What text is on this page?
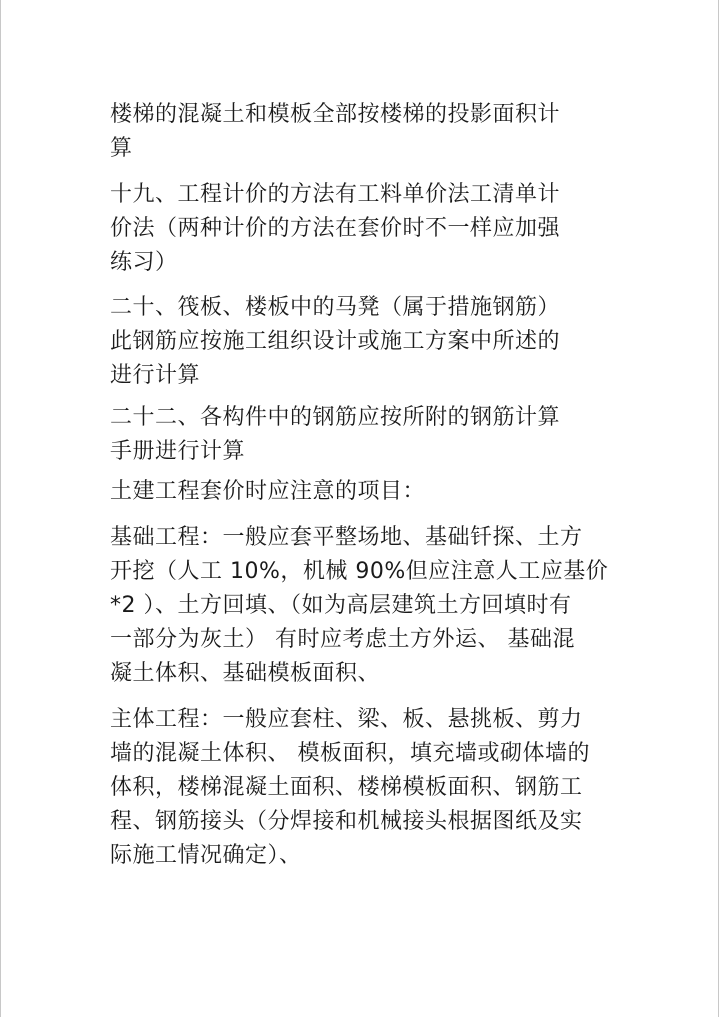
楼梯的混凝土和模板全部按楼梯的投影面积计
算

十九、工程计价的方法有工料单价法工清单计
价法（两种计价的方法在套价时不一样应加强
练习）

二十、筏板、楼板中的马凳（属于措施钢筋）
此钢筋应按施工组织设计或施工方案中所述的
进行计算

二十二、各构件中的钢筋应按所附的钢筋计算
手册进行计算

土建工程套价时应注意的项目：

基础工程：一般应套平整场地、基础钎探、土方
开挖（人工 10%，机械 90%但应注意人工应基价
*2 ）、土方回填、（如为高层建筑土方回填时有
一部分为灰土） 有时应考虑土方外运、 基础混
凝土体积、基础模板面积、

主体工程：一般应套柱、梁、板、悬挑板、剪力
墙的混凝土体积、 模板面积，填充墙或砌体墙的
体积，楼梯混凝土面积、楼梯模板面积、钢筋工
程、钢筋接头（分焊接和机械接头根据图纸及实
际施工情况确定）、
